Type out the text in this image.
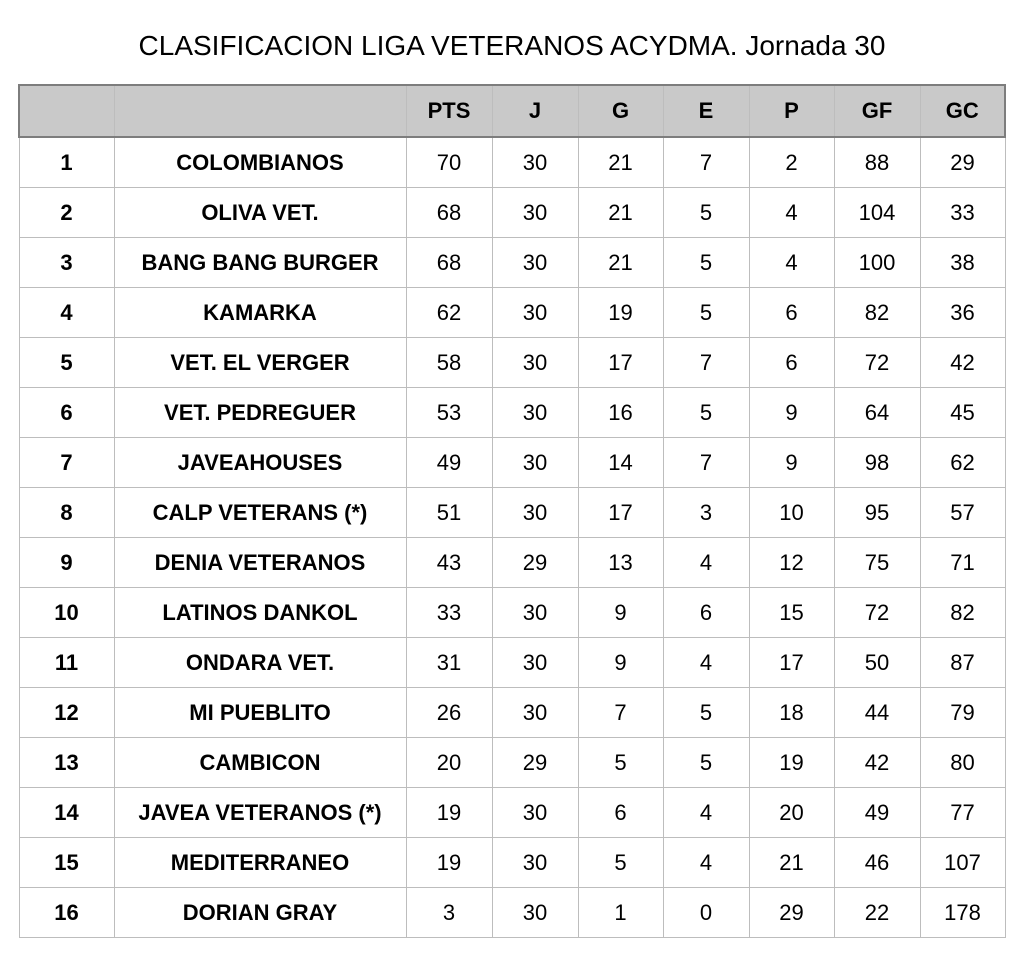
CLASIFICACION LIGA VETERANOS ACYDMA. Jornada 30
		PTS	J	G	E	P	GF	GC
1	COLOMBIANOS	70	30	21	7	2	88	29
2	OLIVA VET.	68	30	21	5	4	104	33
3	BANG BANG BURGER	68	30	21	5	4	100	38
4	KAMARKA	62	30	19	5	6	82	36
5	VET. EL VERGER	58	30	17	7	6	72	42
6	VET. PEDREGUER	53	30	16	5	9	64	45
7	JAVEAHOUSES	49	30	14	7	9	98	62
8	CALP VETERANS (*)	51	30	17	3	10	95	57
9	DENIA VETERANOS	43	29	13	4	12	75	71
10	LATINOS DANKOL	33	30	9	6	15	72	82
11	ONDARA VET.	31	30	9	4	17	50	87
12	MI PUEBLITO	26	30	7	5	18	44	79
13	CAMBICON	20	29	5	5	19	42	80
14	JAVEA VETERANOS (*)	19	30	6	4	20	49	77
15	MEDITERRANEO	19	30	5	4	21	46	107
16	DORIAN GRAY	3	30	1	0	29	22	178
